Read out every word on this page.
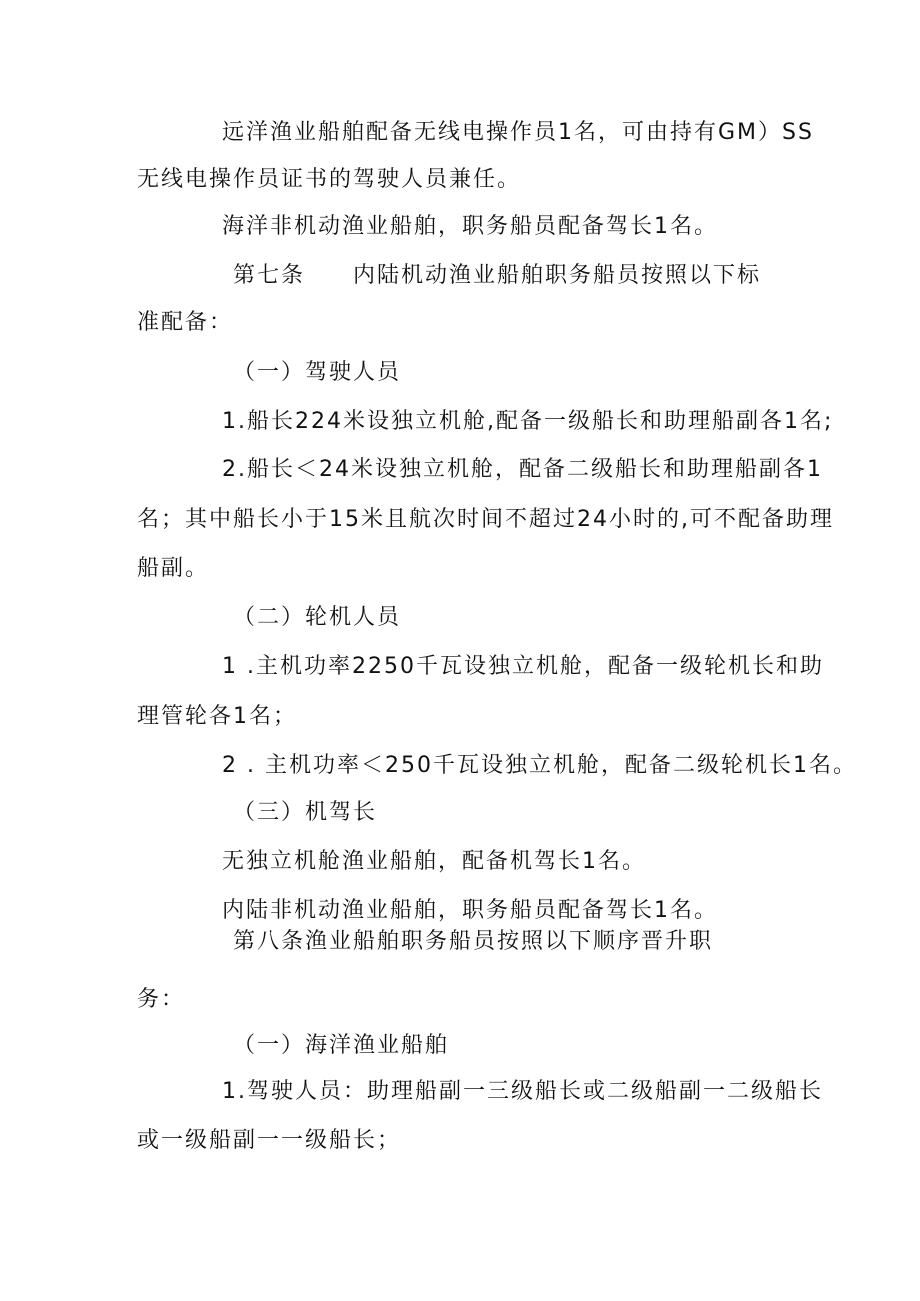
远洋渔业船舶配备无线电操作员1名，可由持有GM）SS
无线电操作员证书的驾驶人员兼任。
海洋非机动渔业船舶，职务船员配备驾长1名。
第七条　　内陆机动渔业船舶职务船员按照以下标
准配备：
（一）驾驶人员
1.船长224米设独立机舱,配备一级船长和助理船副各1名;
2.船长＜24米设独立机舱，配备二级船长和助理船副各1
名；其中船长小于15米且航次时间不超过24小时的,可不配备助理
船副。
（二）轮机人员
1 .主机功率2250千瓦设独立机舱，配备一级轮机长和助
理管轮各1名；
2 . 主机功率＜250千瓦设独立机舱，配备二级轮机长1名。
（三）机驾长
无独立机舱渔业船舶，配备机驾长1名。
内陆非机动渔业船舶，职务船员配备驾长1名。
第八条渔业船舶职务船员按照以下顺序晋升职
务：
（一）海洋渔业船舶
1.驾驶人员：助理船副一三级船长或二级船副一二级船长
或一级船副一一级船长；
